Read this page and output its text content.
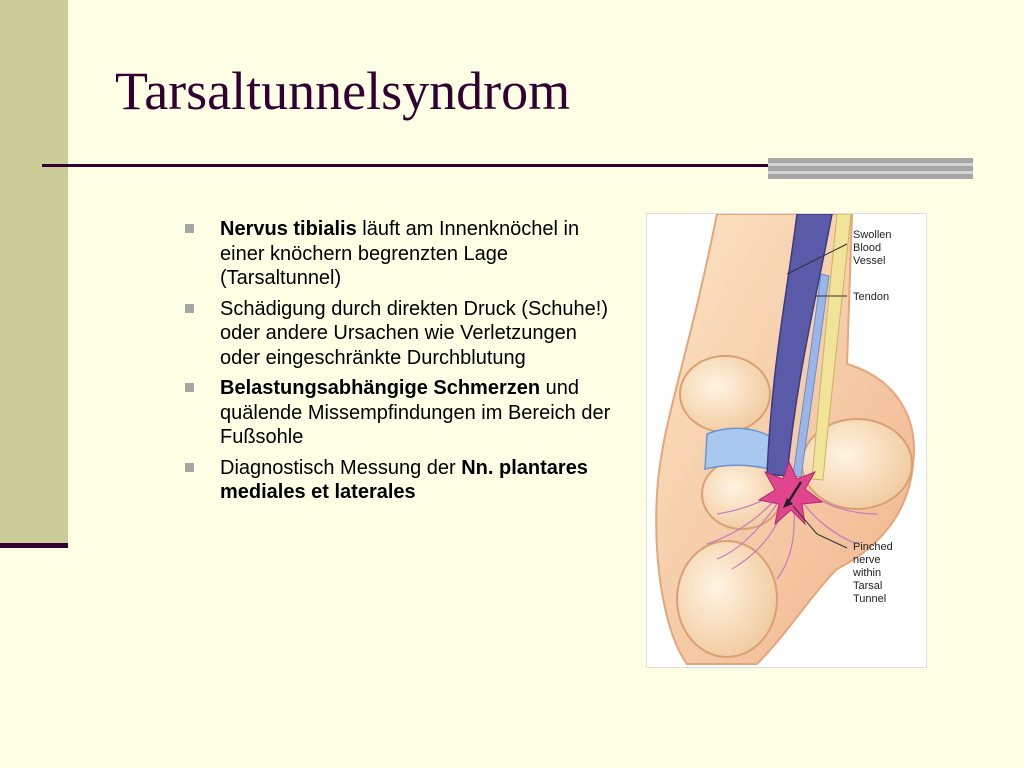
Tarsaltunnelsyndrom
Nervus tibialis läuft am Innenknöchel in einer knöchern begrenzten Lage (Tarsaltunnel)
Schädigung durch direkten Druck (Schuhe!) oder andere Ursachen wie Verletzungen oder eingeschränkte Durchblutung
Belastungsabhängige Schmerzen und quälende Missempfindungen im Bereich der Fußsohle
Diagnostisch Messung der Nn. plantares mediales et laterales
Swollen Blood Vessel
Tendon
Pinched nerve within Tarsal Tunnel
